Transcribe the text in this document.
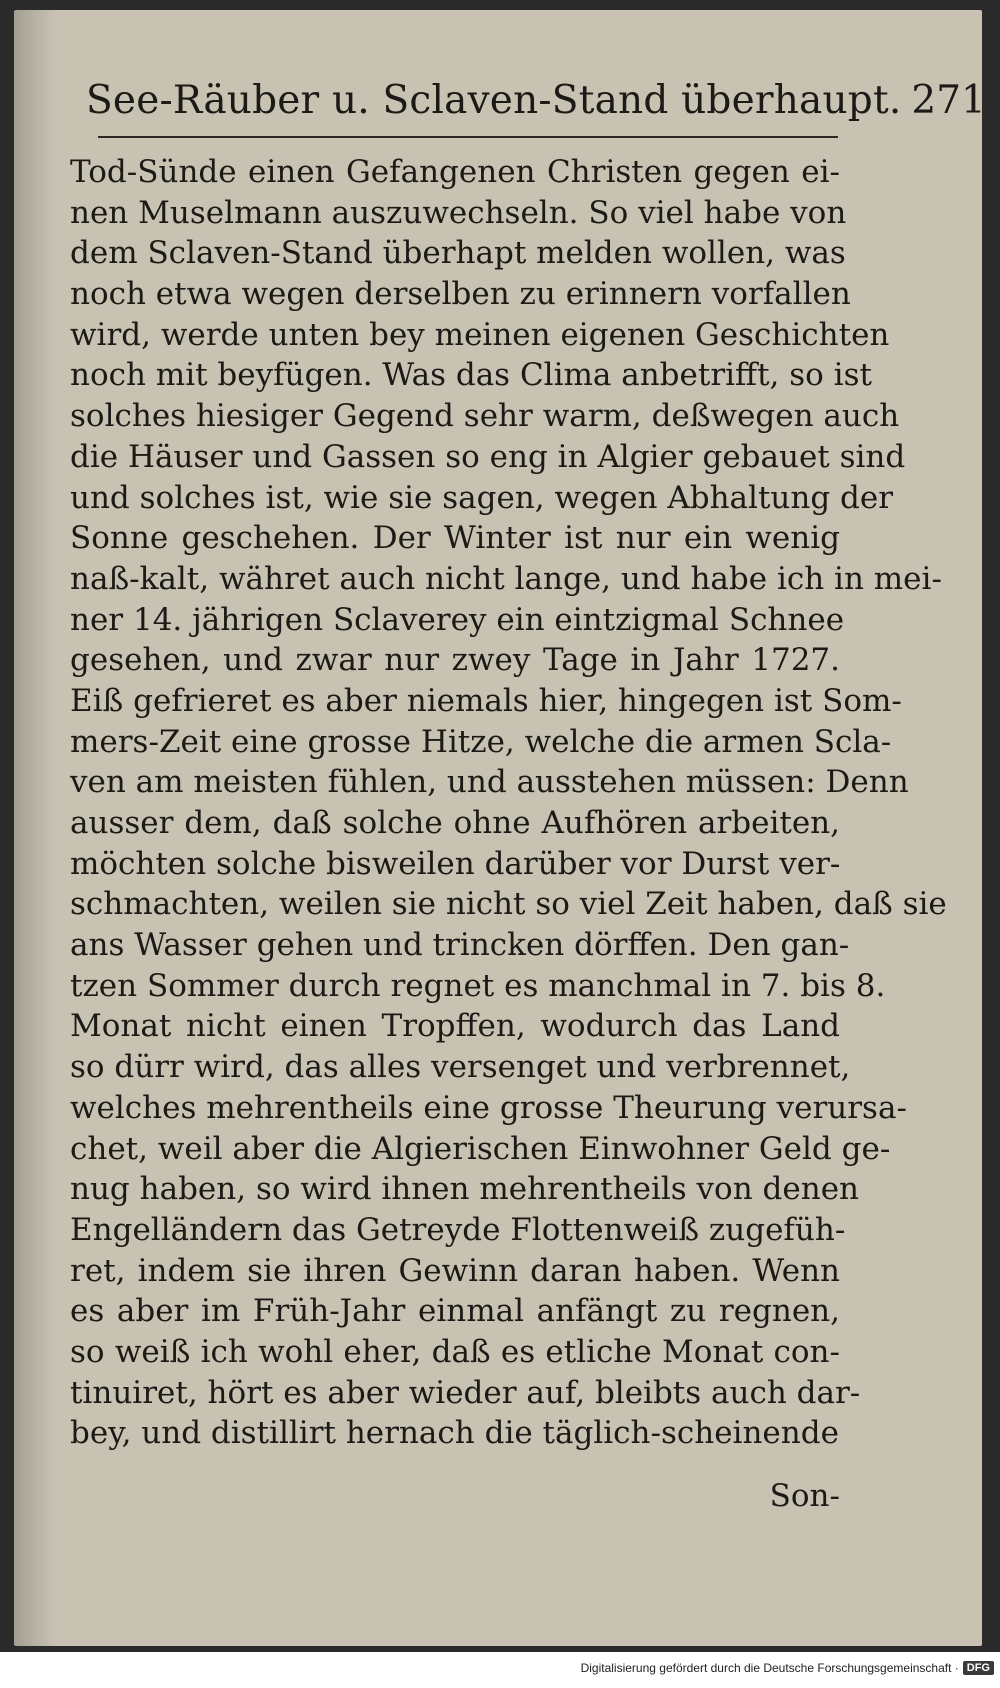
See-Räuber u. Sclaven-Stand überhaupt. 271
Tod-Sünde einen Gefangenen Christen gegen ei-
nen Muselmann auszuwechseln. So viel habe von
dem Sclaven-Stand überhapt melden wollen, was
noch etwa wegen derselben zu erinnern vorfallen
wird, werde unten bey meinen eigenen Geschichten
noch mit beyfügen. Was das Clima anbetrifft, so ist
solches hiesiger Gegend sehr warm, deßwegen auch
die Häuser und Gassen so eng in Algier gebauet sind
und solches ist, wie sie sagen, wegen Abhaltung der
Sonne geschehen. Der Winter ist nur ein wenig
naß-kalt, währet auch nicht lange, und habe ich in mei-
ner 14. jährigen Sclaverey ein eintzigmal Schnee
gesehen, und zwar nur zwey Tage in Jahr 1727.
Eiß gefrieret es aber niemals hier, hingegen ist Som-
mers-Zeit eine grosse Hitze, welche die armen Scla-
ven am meisten fühlen, und ausstehen müssen: Denn
ausser dem, daß solche ohne Aufhören arbeiten,
möchten solche bisweilen darüber vor Durst ver-
schmachten, weilen sie nicht so viel Zeit haben, daß sie
ans Wasser gehen und trincken dörffen. Den gan-
tzen Sommer durch regnet es manchmal in 7. bis 8.
Monat nicht einen Tropffen, wodurch das Land
so dürr wird, das alles versenget und verbrennet,
welches mehrentheils eine grosse Theurung verursa-
chet, weil aber die Algierischen Einwohner Geld ge-
nug haben, so wird ihnen mehrentheils von denen
Engelländern das Getreyde Flottenweiß zugefüh-
ret, indem sie ihren Gewinn daran haben. Wenn
es aber im Früh-Jahr einmal anfängt zu regnen,
so weiß ich wohl eher, daß es etliche Monat con-
tinuiret, hört es aber wieder auf, bleibts auch dar-
bey, und distillirt hernach die täglich-scheinende
Son-
Digitalisierung gefördert durch die Deutsche Forschungsgemeinschaft · DFG
